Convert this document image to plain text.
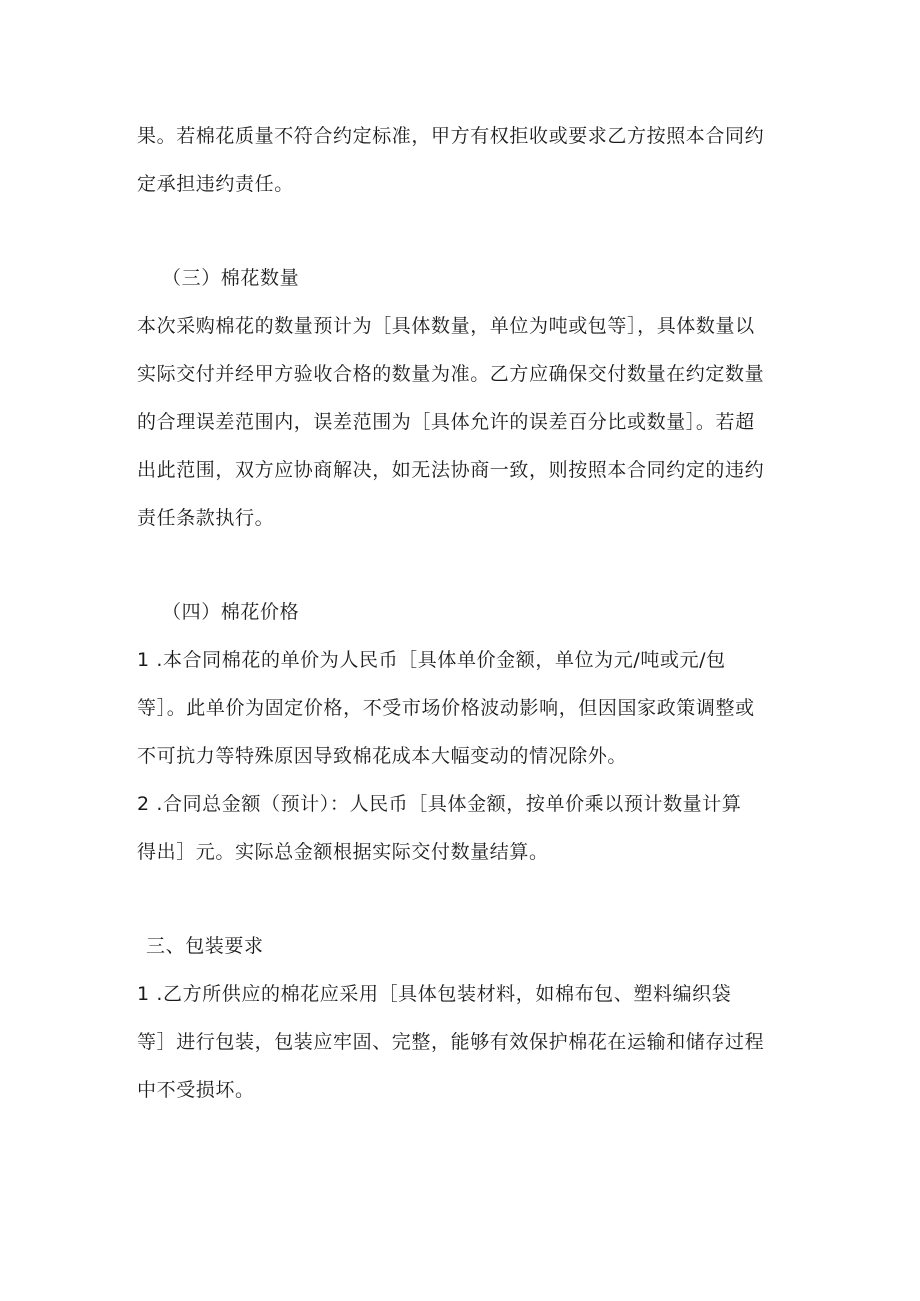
果。若棉花质量不符合约定标准，甲方有权拒收或要求乙方按照本合同约
定承担违约责任。
（三）棉花数量
本次采购棉花的数量预计为［具体数量，单位为吨或包等］，具体数量以
实际交付并经甲方验收合格的数量为准。乙方应确保交付数量在约定数量
的合理误差范围内，误差范围为［具体允许的误差百分比或数量］。若超
出此范围，双方应协商解决，如无法协商一致，则按照本合同约定的违约
责任条款执行。
（四）棉花价格
1 .本合同棉花的单价为人民币［具体单价金额，单位为元/吨或元/包
等］。此单价为固定价格，不受市场价格波动影响，但因国家政策调整或
不可抗力等特殊原因导致棉花成本大幅变动的情况除外。
2 .合同总金额（预计）：人民币［具体金额，按单价乘以预计数量计算
得出］元。实际总金额根据实际交付数量结算。
三、包装要求
1 .乙方所供应的棉花应采用［具体包装材料，如棉布包、塑料编织袋
等］进行包装，包装应牢固、完整，能够有效保护棉花在运输和储存过程
中不受损坏。
